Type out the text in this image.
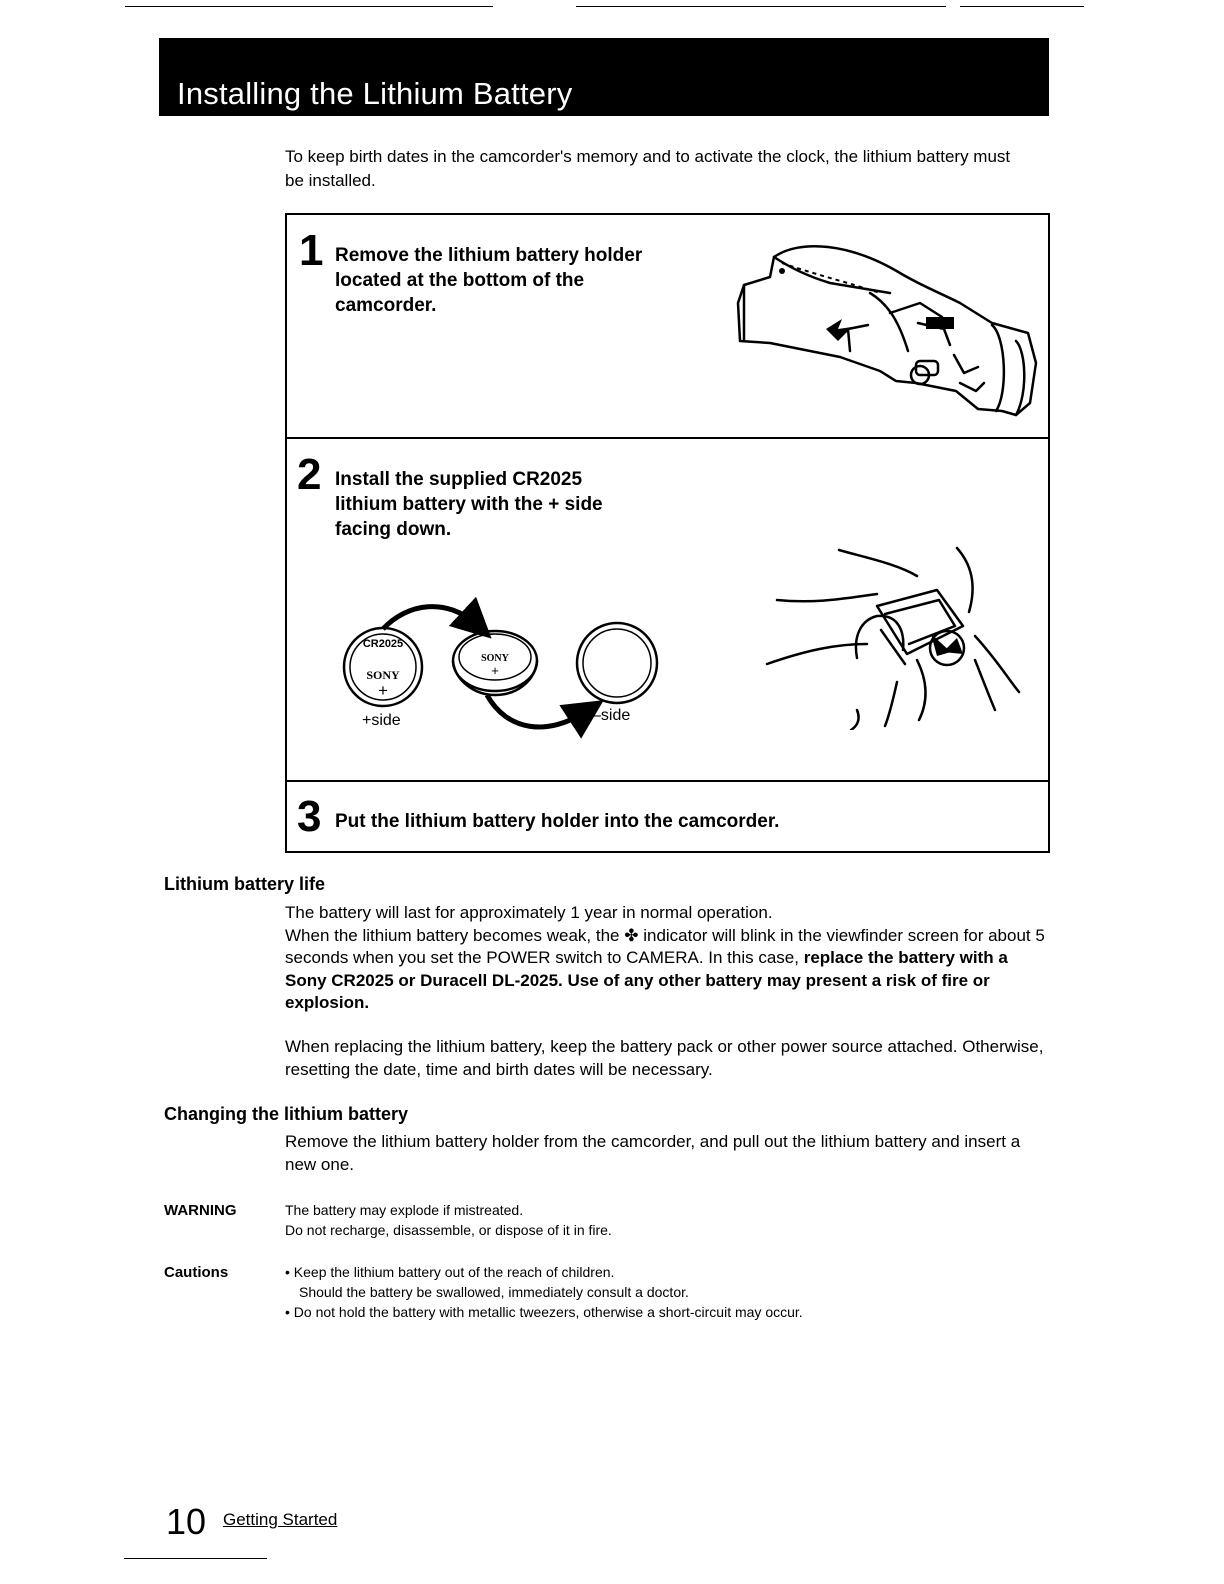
Installing the Lithium Battery
To keep birth dates in the camcorder's memory and to activate the clock, the lithium battery must be installed.
1 Remove the lithium battery holder located at the bottom of the camcorder.
2 Install the supplied CR2025 lithium battery with the + side facing down.
CR2025
SONY
+
SONY
+
+side	–side
3 Put the lithium battery holder into the camcorder.
Lithium battery life
The battery will last for approximately 1 year in normal operation.
When the lithium battery becomes weak, the ✤ indicator will blink in the viewfinder screen for about 5 seconds when you set the POWER switch to CAMERA. In this case, replace the battery with a Sony CR2025 or Duracell DL-2025. Use of any other battery may present a risk of fire or explosion.
When replacing the lithium battery, keep the battery pack or other power source attached. Otherwise, resetting the date, time and birth dates will be necessary.
Changing the lithium battery
Remove the lithium battery holder from the camcorder, and pull out the lithium battery and insert a new one.
WARNING	The battery may explode if mistreated.
Do not recharge, disassemble, or dispose of it in fire.
Cautions	• Keep the lithium battery out of the reach of children.
Should the battery be swallowed, immediately consult a doctor.
• Do not hold the battery with metallic tweezers, otherwise a short-circuit may occur.
10 Getting Started
